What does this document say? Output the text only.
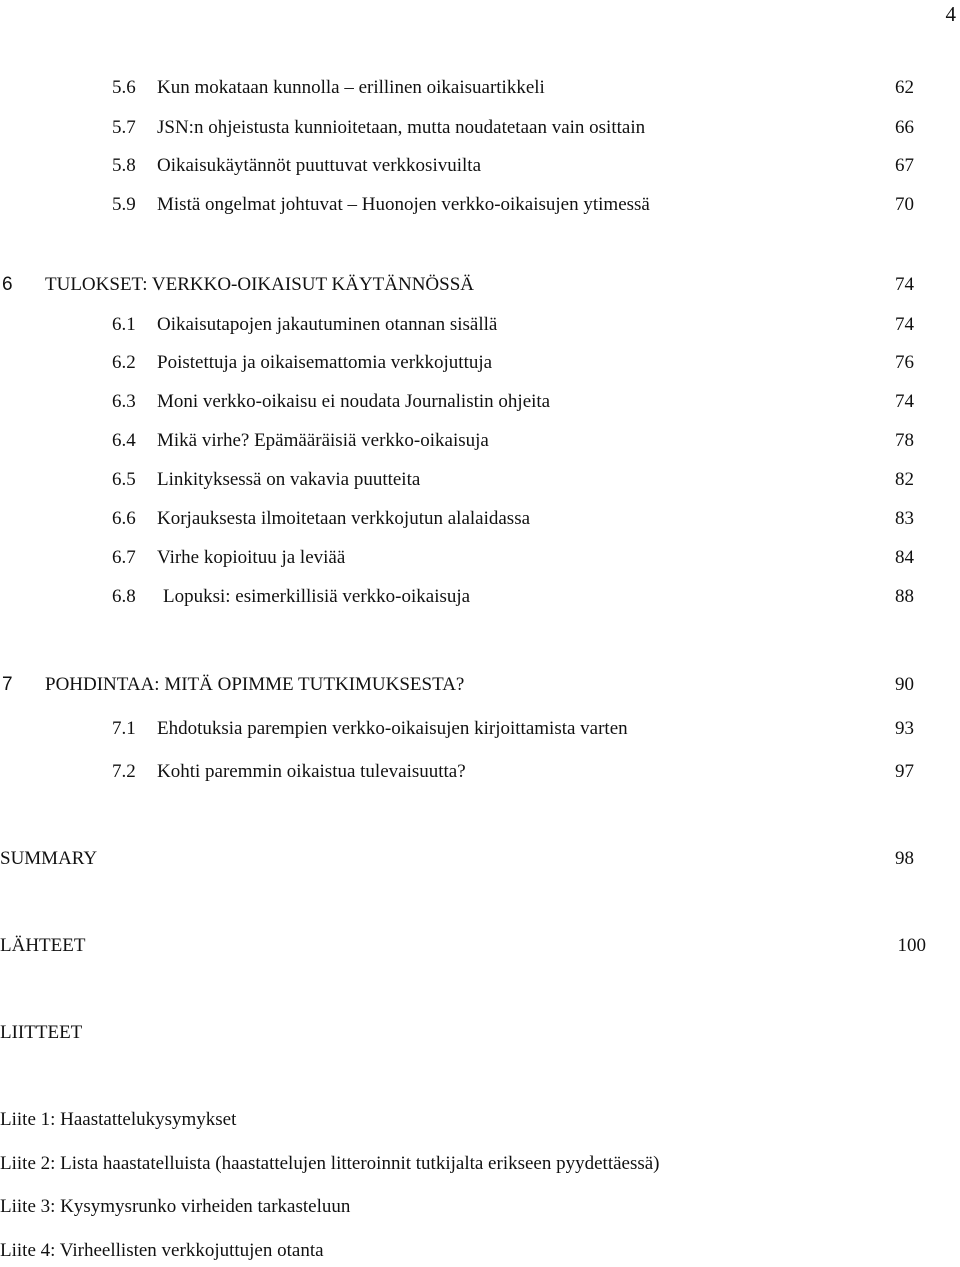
4
5.6 Kun mokataan kunnolla – erillinen oikaisuartikkeli	62
5.7 JSN:n ohjeistusta kunnioitetaan, mutta noudatetaan vain osittain	66
5.8 Oikaisukäytännöt puuttuvat verkkosivuilta	67
5.9 Mistä ongelmat johtuvat – Huonojen verkko-oikaisujen ytimessä	70
6 TULOKSET: VERKKO-OIKAISUT KÄYTÄNNÖSSÄ	74
6.1 Oikaisutapojen jakautuminen otannan sisällä	74
6.2 Poistettuja ja oikaisemattomia verkkojuttuja	76
6.3 Moni verkko-oikaisu ei noudata Journalistin ohjeita	74
6.4 Mikä virhe? Epämääräisiä verkko-oikaisuja	78
6.5 Linkityksessä on vakavia puutteita	82
6.6 Korjauksesta ilmoitetaan verkkojutun alalaidassa	83
6.7 Virhe kopioituu ja leviää	84
6.8 Lopuksi: esimerkillisiä verkko-oikaisuja	88
7 POHDINTAA: MITÄ OPIMME TUTKIMUKSESTA?	90
7.1 Ehdotuksia parempien verkko-oikaisujen kirjoittamista varten	93
7.2 Kohti paremmin oikaistua tulevaisuutta?	97
SUMMARY	98
LÄHTEET	100
LIITTEET
Liite 1: Haastattelukysymykset
Liite 2: Lista haastatelluista (haastattelujen litteroinnit tutkijalta erikseen pyydettäessä)
Liite 3: Kysymysrunko virheiden tarkasteluun
Liite 4: Virheellisten verkkojuttujen otanta
